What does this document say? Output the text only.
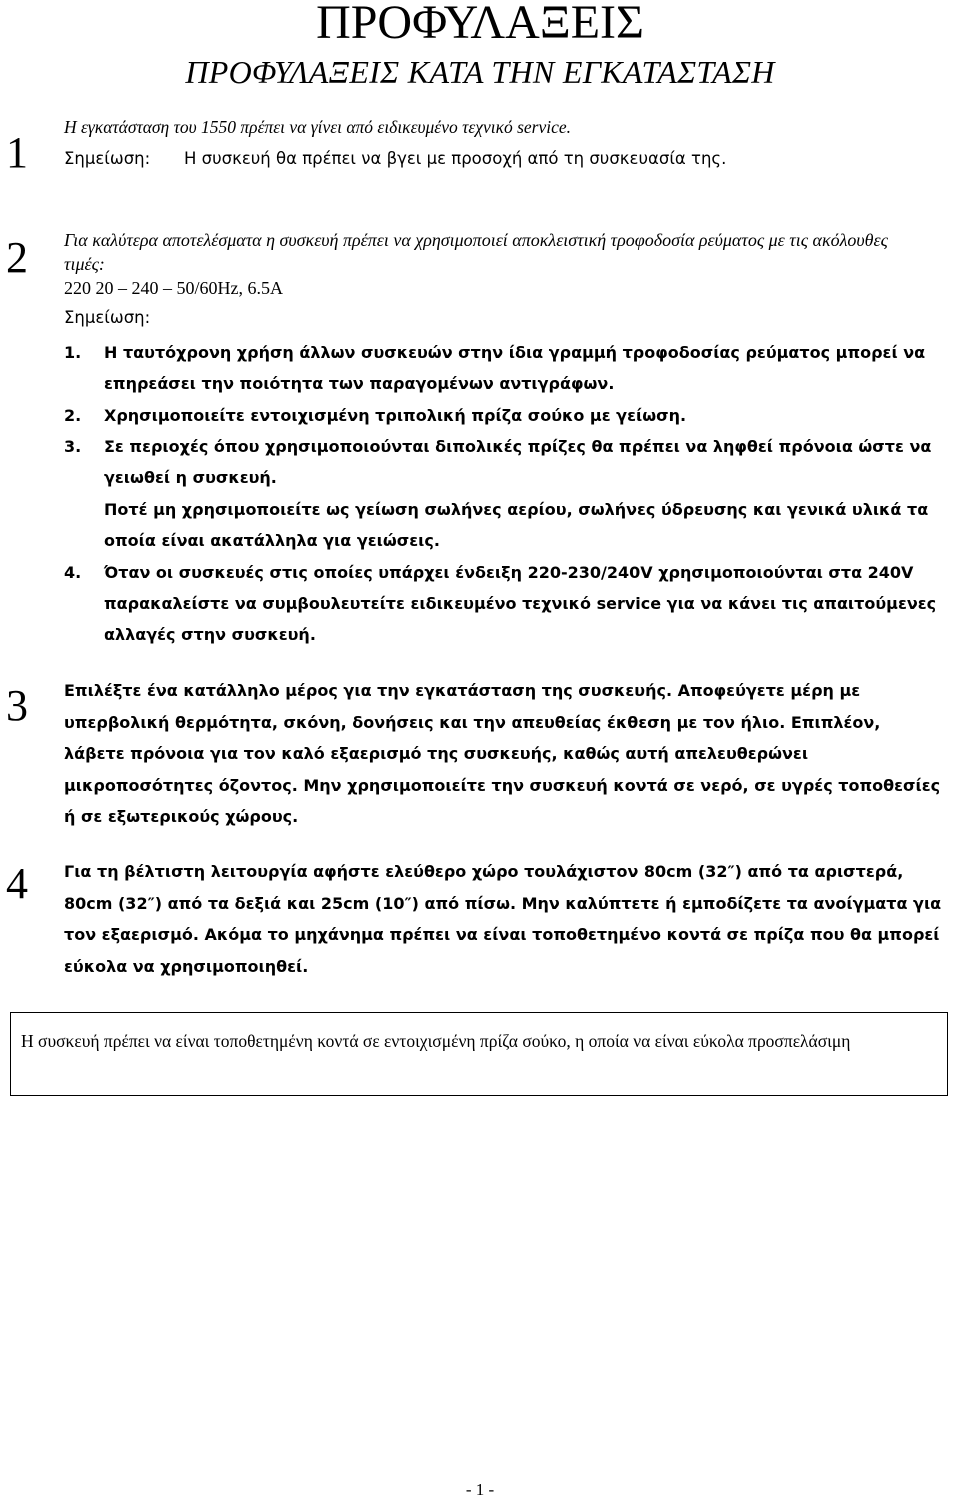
ΠΡΟΦΥΛΑΞΕΙΣ
ΠΡΟΦΥΛΑΞΕΙΣ ΚΑΤΑ ΤΗΝ ΕΓΚΑΤΑΣΤΑΣΗ
1
Η εγκατάσταση του 1550 πρέπει να γίνει από ειδικευμένο τεχνικό service.
Σημείωση: Η συσκευή θα πρέπει να βγει με προσοχή από τη συσκευασία της.
2 Για καλύτερα αποτελέσματα η συσκευή πρέπει να χρησιμοποιεί αποκλειστική τροφοδοσία ρεύματος με τις ακόλουθες τιμές:
220 20 – 240 – 50/60Hz, 6.5A
Σημείωση:
1. Η ταυτόχρονη χρήση άλλων συσκευών στην ίδια γραμμή τροφοδοσίας ρεύματος μπορεί να επηρεάσει την ποιότητα των παραγομένων αντιγράφων.
2. Χρησιμοποιείτε εντοιχισμένη τριπολική πρίζα σούκο με γείωση.
3. Σε περιοχές όπου χρησιμοποιούνται διπολικές πρίζες θα πρέπει να ληφθεί πρόνοια ώστε να γειωθεί η συσκευή.
Ποτέ μη χρησιμοποιείτε ως γείωση σωλήνες αερίου, σωλήνες ύδρευσης και γενικά υλικά τα οποία είναι ακατάλληλα για γειώσεις.
4. Όταν οι συσκευές στις οποίες υπάρχει ένδειξη 220-230/240V χρησιμοποιούνται στα 240V παρακαλείστε να συμβουλευτείτε ειδικευμένο τεχνικό service για να κάνει τις απαιτούμενες αλλαγές στην συσκευή.
3 Επιλέξτε ένα κατάλληλο μέρος για την εγκατάσταση της συσκευής. Αποφεύγετε μέρη με υπερβολική θερμότητα, σκόνη, δονήσεις και την απευθείας έκθεση με τον ήλιο. Επιπλέον, λάβετε πρόνοια για τον καλό εξαερισμό της συσκευής, καθώς αυτή απελευθερώνει μικροποσότητες όζοντος. Μην χρησιμοποιείτε την συσκευή κοντά σε νερό, σε υγρές τοποθεσίες ή σε εξωτερικούς χώρους.
4 Για τη βέλτιστη λειτουργία αφήστε ελεύθερο χώρο τουλάχιστον 80cm (32″) από τα αριστερά, 80cm (32″) από τα δεξιά και 25cm (10″) από πίσω. Μην καλύπτετε ή εμποδίζετε τα ανοίγματα για τον εξαερισμό. Ακόμα το μηχάνημα πρέπει να είναι τοποθετημένο κοντά σε πρίζα που θα μπορεί εύκολα να χρησιμοποιηθεί.
Η συσκευή πρέπει να είναι τοποθετημένη κοντά σε εντοιχισμένη πρίζα σούκο, η οποία να είναι εύκολα προσπελάσιμη
- 1 -
